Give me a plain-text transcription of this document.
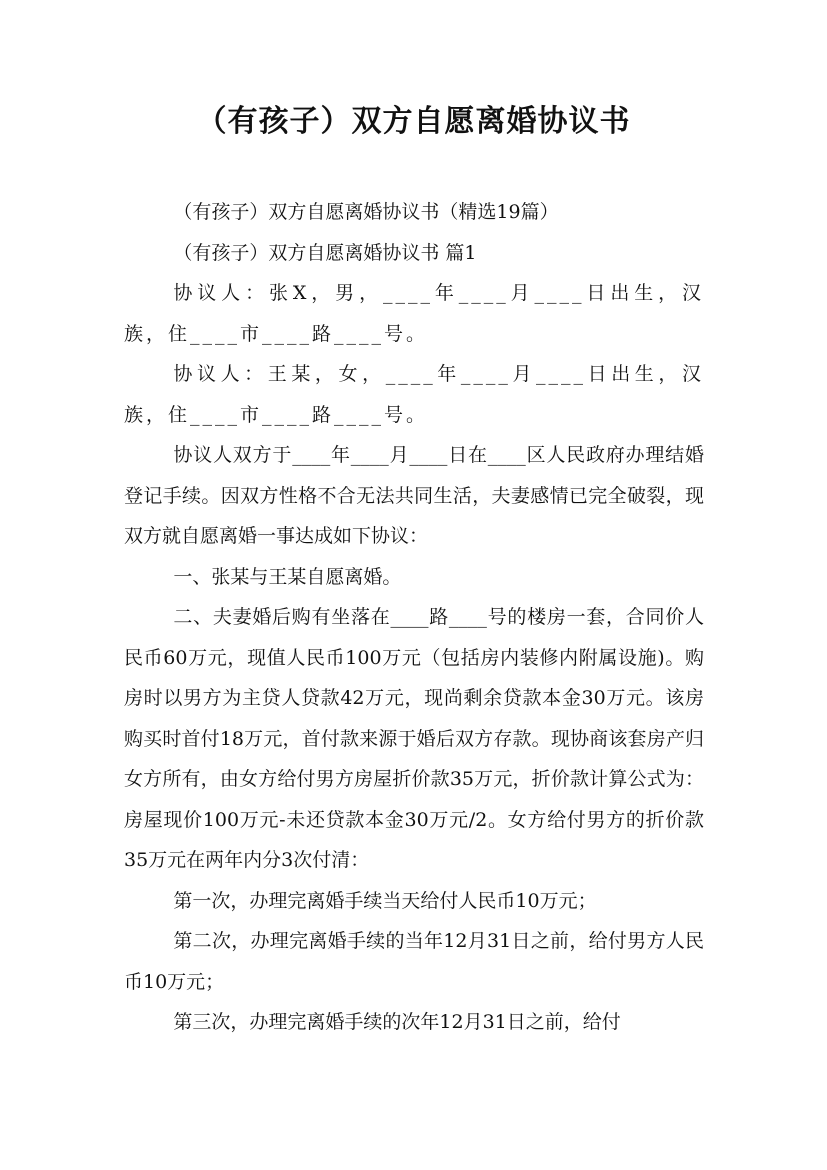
（有孩子）双方自愿离婚协议书

（有孩子）双方自愿离婚协议书（精选19篇）

（有孩子）双方自愿离婚协议书 篇1

协议人：张X，男，____年____月____日出生，汉族，住____市____路____号。

协议人：王某，女，____年____月____日出生，汉族，住____市____路____号。

协议人双方于____年____月____日在____区人民政府办理结婚登记手续。因双方性格不合无法共同生活，夫妻感情已完全破裂，现双方就自愿离婚一事达成如下协议：

一、张某与王某自愿离婚。

二、夫妻婚后购有坐落在____路____号的楼房一套，合同价人民币60万元，现值人民币100万元（包括房内装修内附属设施)。购房时以男方为主贷人贷款42万元，现尚剩余贷款本金30万元。该房购买时首付18万元，首付款来源于婚后双方存款。现协商该套房产归女方所有，由女方给付男方房屋折价款35万元，折价款计算公式为：房屋现价100万元-未还贷款本金30万元/2。女方给付男方的折价款35万元在两年内分3次付清：

第一次，办理完离婚手续当天给付人民币10万元；

第二次，办理完离婚手续的当年12月31日之前，给付男方人民币10万元；

第三次，办理完离婚手续的次年12月31日之前，给付
